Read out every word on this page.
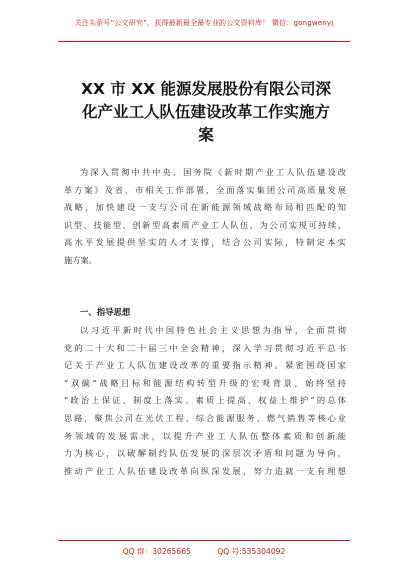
关注头条号“公文研究”，获得最新最全最专业的公文资料库！ 微信：gongwenyj
XX 市 XX 能源发展股份有限公司深
化产业工人队伍建设改革工作实施方
案
为深入贯彻中共中央、国务院《新时期产业工人队伍建设改
革方案》及省、市相关工作部署，全面落实集团公司高质量发展
战略，加快建设一支与公司在新能源领域战略布局相匹配的知
识型、技能型、创新型高素质产业工人队伍，为公司实现可持续、
高水平发展提供坚实的人才支撑，结合公司实际，特制定本实
施方案。
一、指导思想
以习近平新时代中国特色社会主义思想为指导，全面贯彻
党的二十大和二十届三中全会精神，深入学习贯彻习近平总书
记关于产业工人队伍建设改革的重要指示精神。紧密围绕国家
“双碳”战略目标和能源结构转型升级的宏观背景，始终坚持
“政治上保证、制度上落实、素质上提高、权益上维护”的总体
思路，聚焦公司在光伏工程、综合能源服务、燃气销售等核心业
务领域的发展需求，以提升产业工人队伍整体素质和创新能
力为核心，以破解制约队伍发展的深层次矛盾和问题为导向，
推动产业工人队伍建设改革向纵深发展，努力造就一支有理想
QQ 群：30265665	QQ 号:535304092
